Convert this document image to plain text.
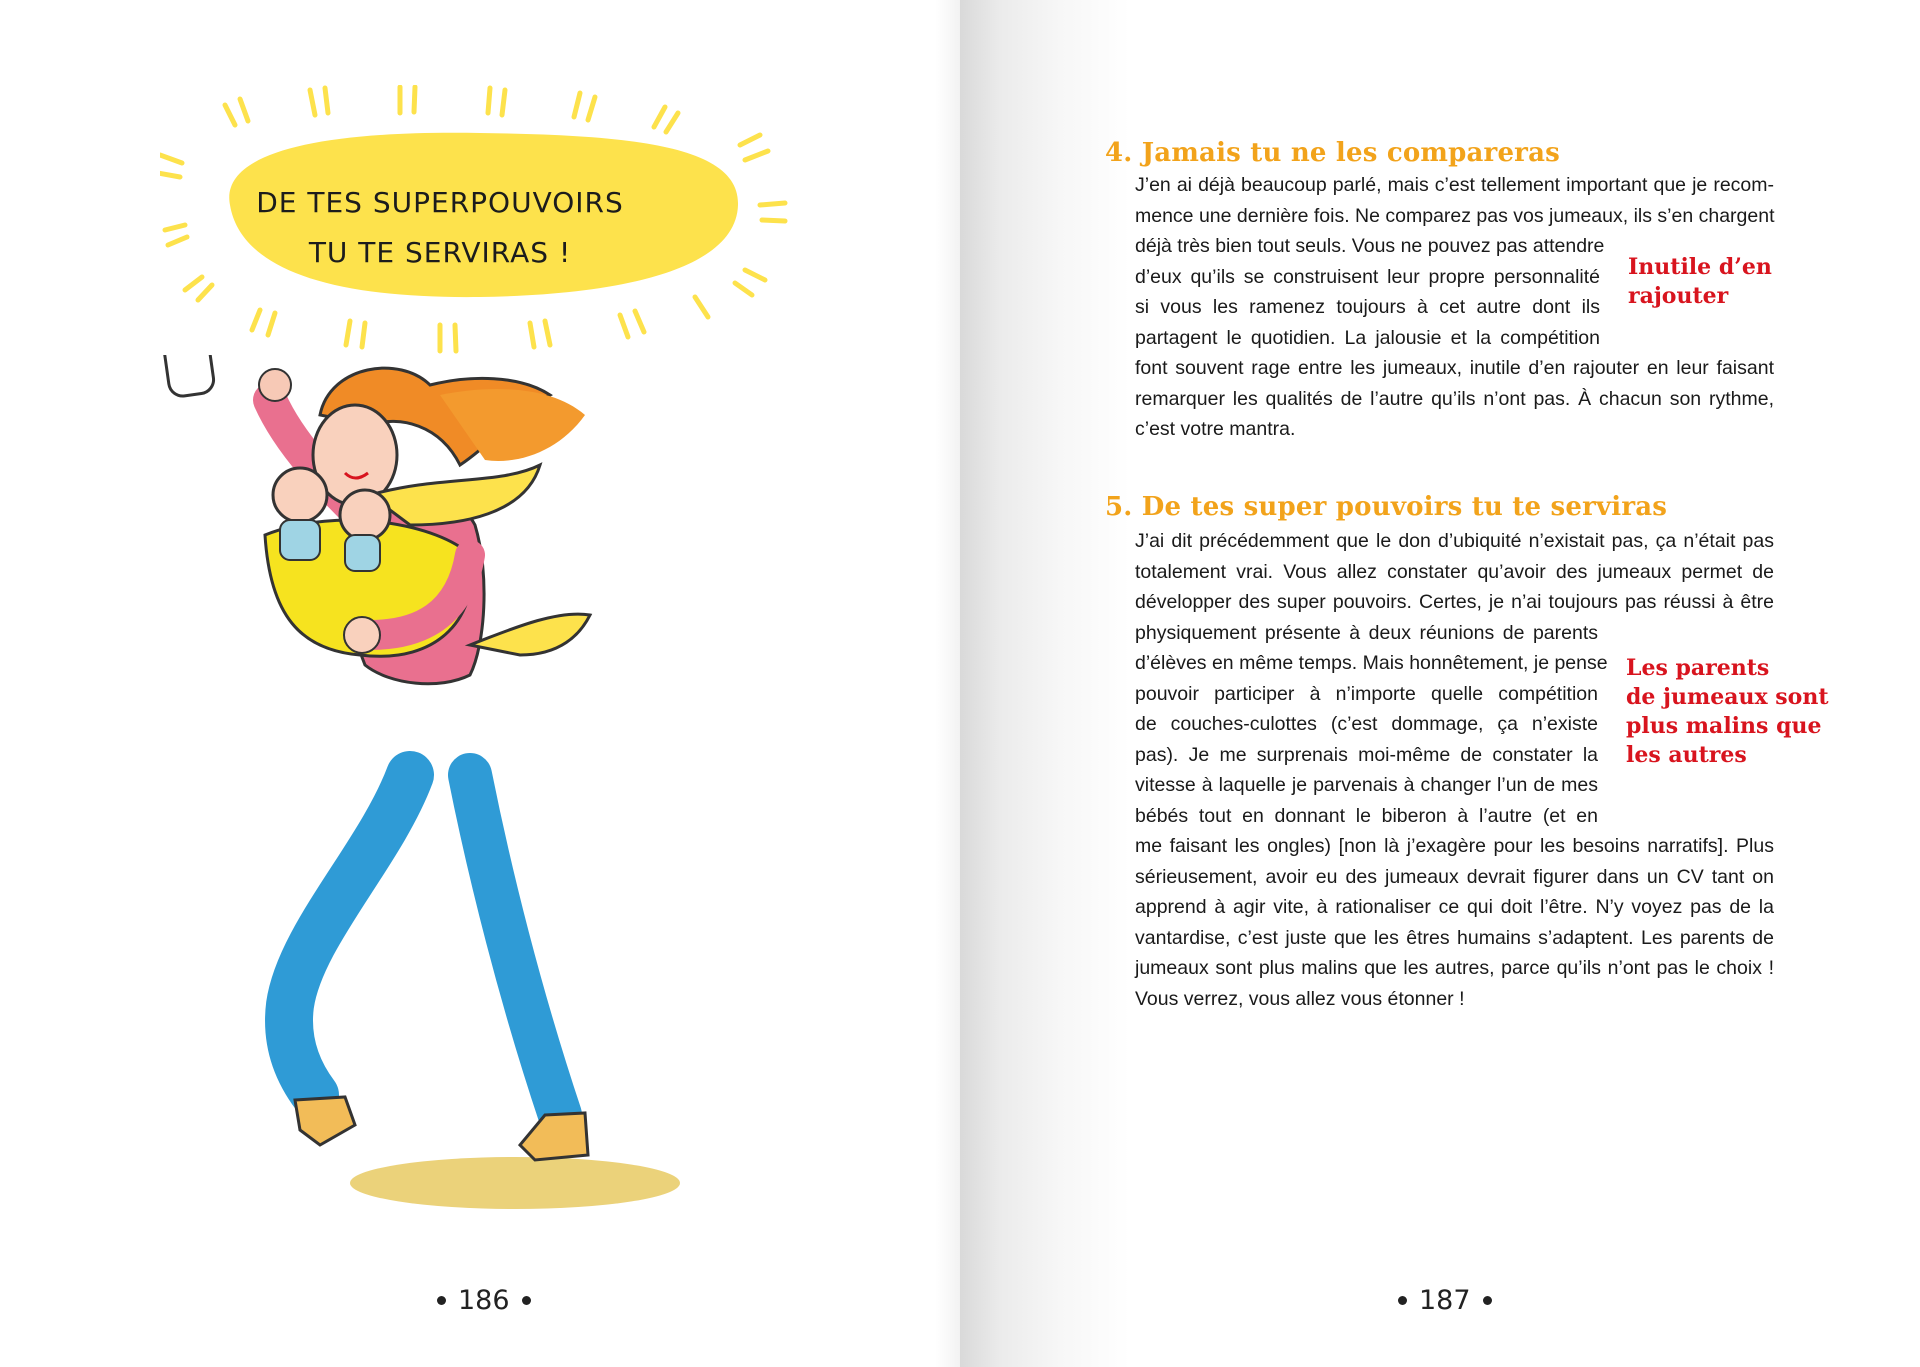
DE TES SUPERPOUVOIRS
TU TE SERVIRAS !
186
4. Jamais tu ne les compareras
J’en ai déjà beaucoup parlé, mais c’est tellement important que je recom-
mence une dernière fois. Ne comparez pas vos jumeaux, ils s’en chargent
déjà très bien tout seuls. Vous ne pouvez pas attendre
d’eux qu’ils se construisent leur propre personnalité
si vous les ramenez toujours à cet autre dont ils
partagent le quotidien. La jalousie et la compétition
font souvent rage entre les jumeaux, inutile d’en rajouter en leur faisant
remarquer les qualités de l’autre qu’ils n’ont pas. À chacun son rythme,
c’est votre mantra.
Inutile d’en
rajouter
5. De tes super pouvoirs tu te serviras
J’ai dit précédemment que le don d’ubiquité n’existait pas, ça n’était pas
totalement vrai. Vous allez constater qu’avoir des jumeaux permet de
développer des super pouvoirs. Certes, je n’ai toujours pas réussi à être
physiquement présente à deux réunions de parents
d’élèves en même temps. Mais honnêtement, je pense
pouvoir participer à n’importe quelle compétition
de couches-culottes (c’est dommage, ça n’existe
pas). Je me surprenais moi-même de constater la
vitesse à laquelle je parvenais à changer l’un de mes
bébés tout en donnant le biberon à l’autre (et en
me faisant les ongles) [non là j’exagère pour les besoins narratifs]. Plus
sérieusement, avoir eu des jumeaux devrait figurer dans un CV tant on
apprend à agir vite, à rationaliser ce qui doit l’être. N’y voyez pas de la
vantardise, c’est juste que les êtres humains s’adaptent. Les parents de
jumeaux sont plus malins que les autres, parce qu’ils n’ont pas le choix !
Vous verrez, vous allez vous étonner !
Les parents
de jumeaux sont
plus malins que
les autres
187
